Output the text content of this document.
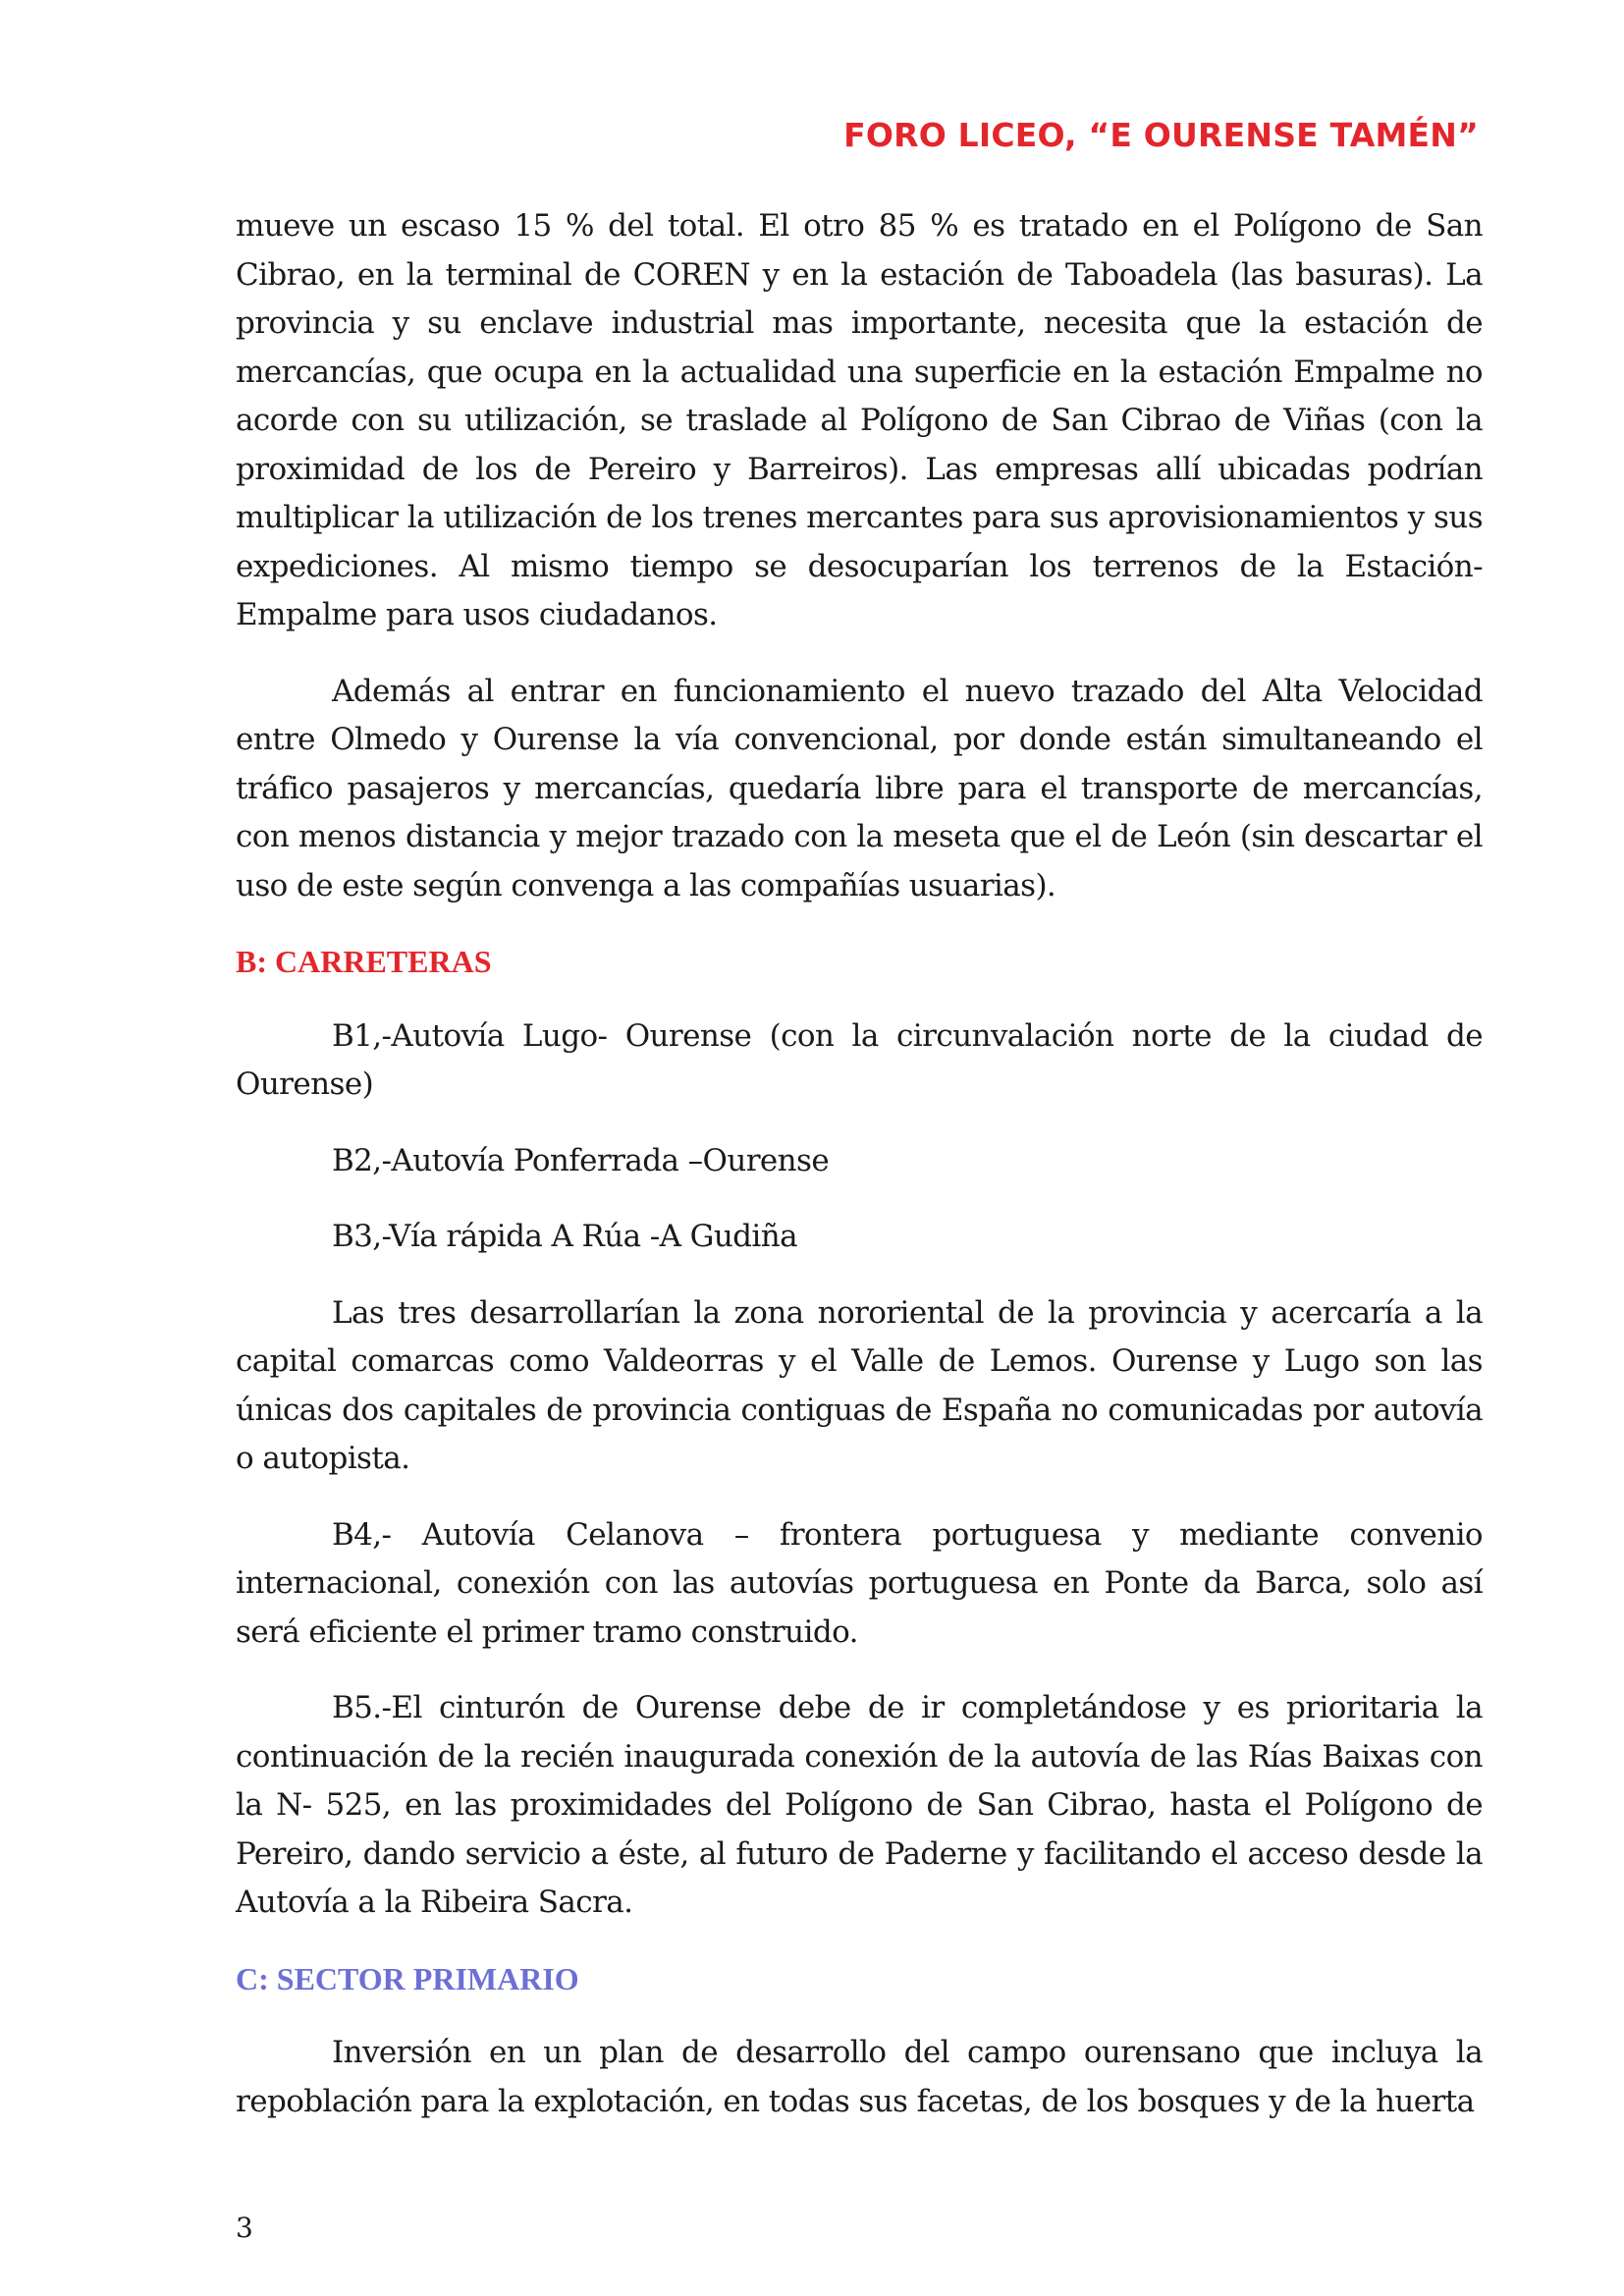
FORO LICEO, “E OURENSE TAMÉN”

mueve un escaso 15 % del total. El otro 85 % es tratado en el Polígono de San Cibrao, en la terminal de COREN y en la estación de Taboadela (las basuras). La provincia y su enclave industrial mas importante, necesita que la estación de mercancías, que ocupa en la actualidad una superficie en la estación Empalme no acorde con su utilización, se traslade al Polígono de San Cibrao de Viñas (con la proximidad de los de Pereiro y Barreiros). Las empresas allí ubicadas podrían multiplicar la utilización de los trenes mercantes para sus aprovisionamientos y sus expediciones. Al mismo tiempo se desocuparían los terrenos de la Estación-Empalme para usos ciudadanos.

Además al entrar en funcionamiento el nuevo trazado del Alta Velocidad entre Olmedo y Ourense la vía convencional, por donde están simultaneando el tráfico pasajeros y mercancías, quedaría libre para el transporte de mercancías, con menos distancia y mejor trazado con la meseta que el de León (sin descartar el uso de este según convenga a las compañías usuarias).

B: CARRETERAS

B1,-Autovía Lugo- Ourense (con la circunvalación norte de la ciudad de Ourense)

B2,-Autovía Ponferrada –Ourense

B3,-Vía rápida A Rúa -A Gudiña

Las tres desarrollarían la zona nororiental de la provincia y acercaría a la capital comarcas como Valdeorras y el Valle de Lemos. Ourense y Lugo son las únicas dos capitales de provincia contiguas de España no comunicadas por autovía o autopista.

B4,- Autovía Celanova – frontera portuguesa y mediante convenio internacional, conexión con las autovías portuguesa en Ponte da Barca, solo así será eficiente el primer tramo construido.

B5.-El cinturón de Ourense debe de ir completándose y es prioritaria la continuación de la recién inaugurada conexión de la autovía de las Rías Baixas con la N- 525, en las proximidades del Polígono de San Cibrao, hasta el Polígono de Pereiro, dando servicio a éste, al futuro de Paderne y facilitando el acceso desde la Autovía a la Ribeira Sacra.

C: SECTOR PRIMARIO

Inversión en un plan de desarrollo del campo ourensano que incluya la repoblación para la explotación, en todas sus facetas, de los bosques y de la huerta

3
